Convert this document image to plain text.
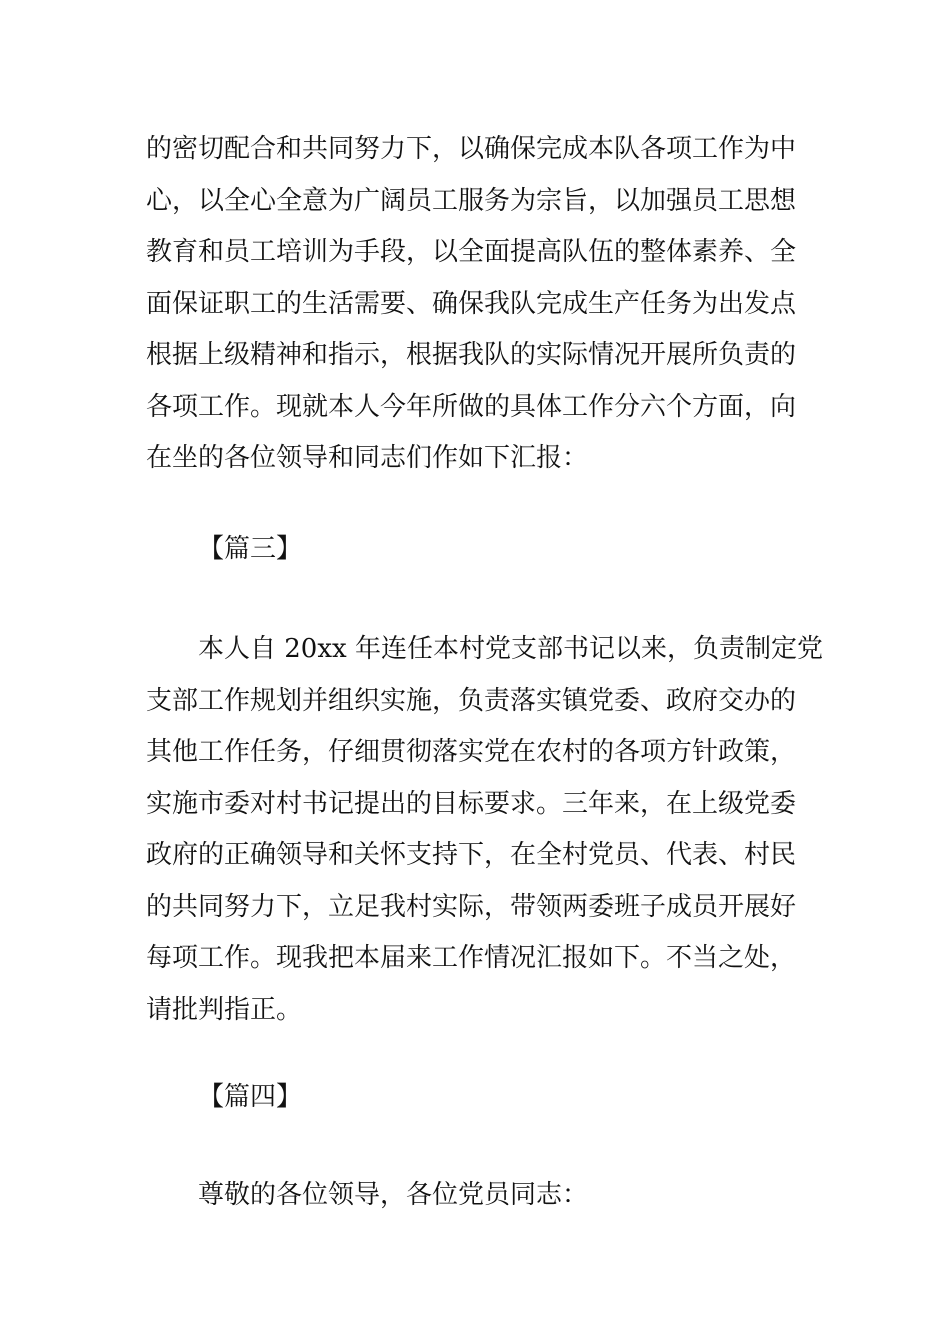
的密切配合和共同努力下，以确保完成本队各项工作为中
心，以全心全意为广阔员工服务为宗旨，以加强员工思想
教育和员工培训为手段，以全面提高队伍的整体素养、全
面保证职工的生活需要、确保我队完成生产任务为出发点
根据上级精神和指示，根据我队的实际情况开展所负责的
各项工作。现就本人今年所做的具体工作分六个方面，向
在坐的各位领导和同志们作如下汇报：
【篇三】
本人自 20xx 年连任本村党支部书记以来，负责制定党
支部工作规划并组织实施，负责落实镇党委、政府交办的
其他工作任务，仔细贯彻落实党在农村的各项方针政策，
实施市委对村书记提出的目标要求。三年来，在上级党委
政府的正确领导和关怀支持下，在全村党员、代表、村民
的共同努力下，立足我村实际，带领两委班子成员开展好
每项工作。现我把本届来工作情况汇报如下。不当之处，
请批判指正。
【篇四】
尊敬的各位领导，各位党员同志：
